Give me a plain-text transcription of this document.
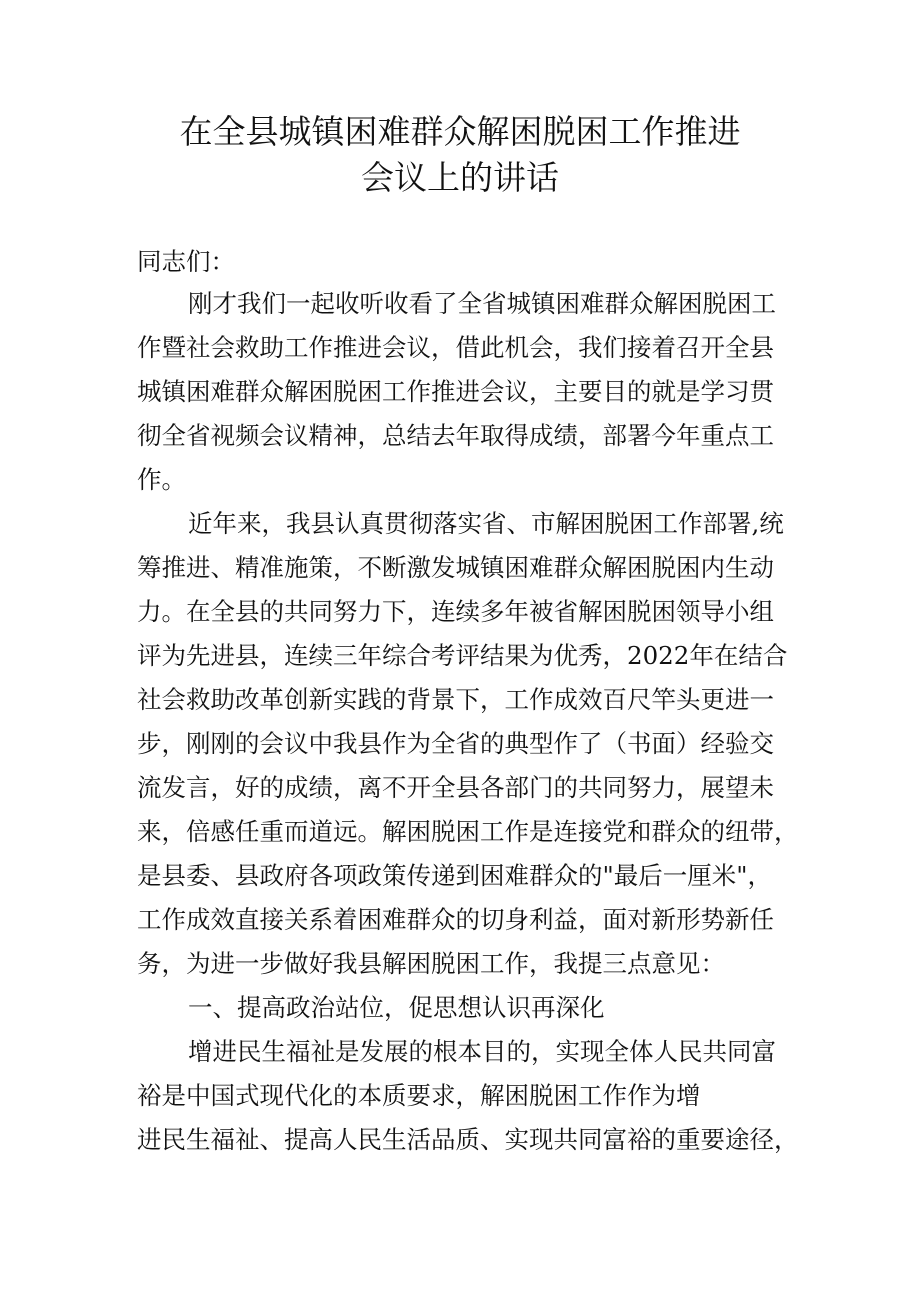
在全县城镇困难群众解困脱困工作推进
会议上的讲话
同志们：
刚才我们一起收听收看了全省城镇困难群众解困脱困工
作暨社会救助工作推进会议，借此机会，我们接着召开全县
城镇困难群众解困脱困工作推进会议，主要目的就是学习贯
彻全省视频会议精神，总结去年取得成绩，部署今年重点工
作。
近年来，我县认真贯彻落实省、市解困脱困工作部署,统
筹推进、精准施策，不断激发城镇困难群众解困脱困内生动
力。在全县的共同努力下，连续多年被省解困脱困领导小组
评为先进县，连续三年综合考评结果为优秀，2022年在结合
社会救助改革创新实践的背景下，工作成效百尺竿头更进一
步，刚刚的会议中我县作为全省的典型作了（书面）经验交
流发言，好的成绩，离不开全县各部门的共同努力，展望未
来，倍感任重而道远。解困脱困工作是连接党和群众的纽带，
是县委、县政府各项政策传递到困难群众的"最后一厘米"，
工作成效直接关系着困难群众的切身利益，面对新形势新任
务，为进一步做好我县解困脱困工作，我提三点意见：
一、提高政治站位，促思想认识再深化
增进民生福祉是发展的根本目的，实现全体人民共同富
裕是中国式现代化的本质要求，解困脱困工作作为增
进民生福祉、提高人民生活品质、实现共同富裕的重要途径，
